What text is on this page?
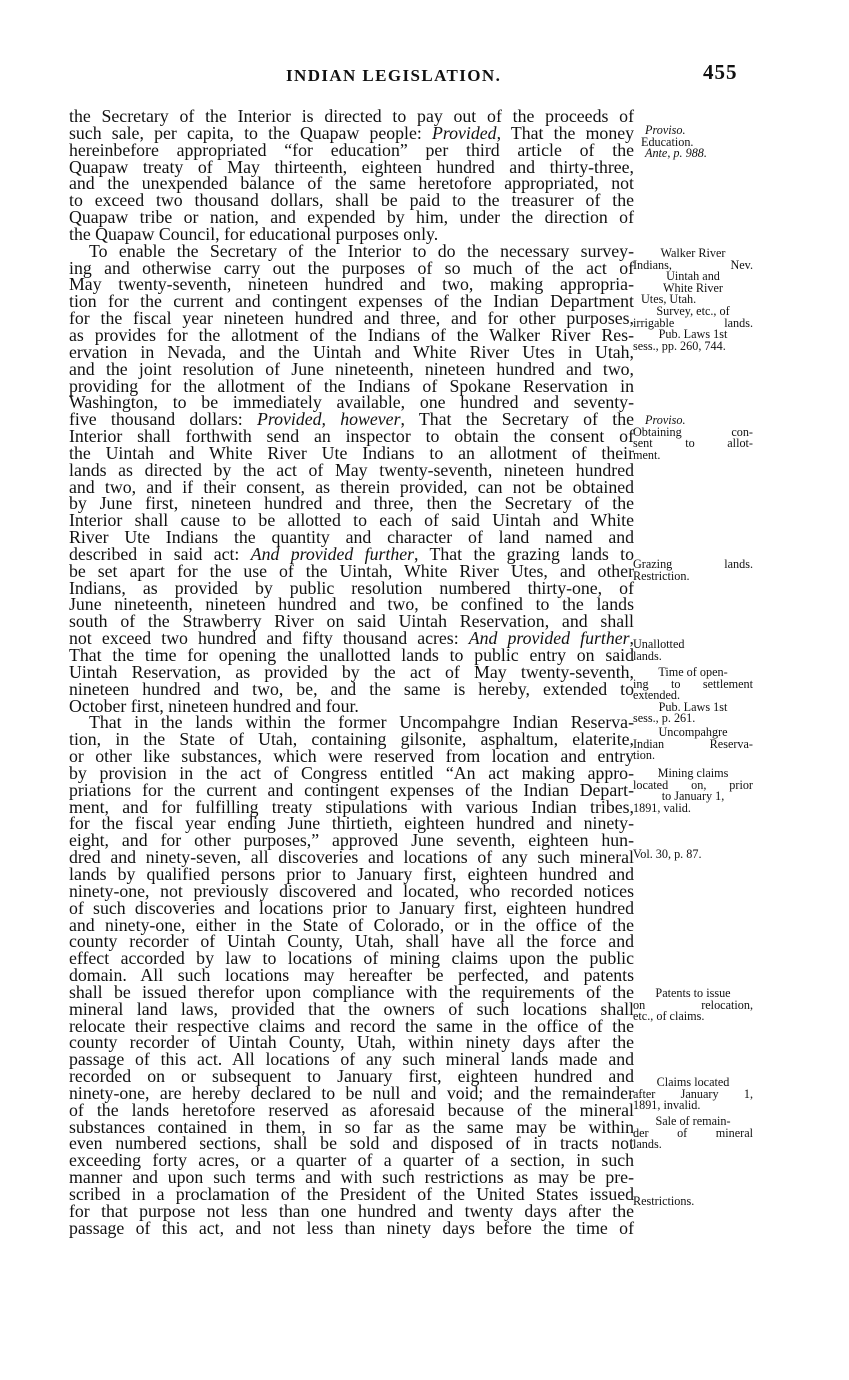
INDIAN LEGISLATION.	455
the Secretary of the Interior is directed to pay out of the proceeds of
such sale, per capita, to the Quapaw people: Provided, That the money
hereinbefore appropriated “for education” per third article of the
Quapaw treaty of May thirteenth, eighteen hundred and thirty-three,
and the unexpended balance of the same heretofore appropriated, not
to exceed two thousand dollars, shall be paid to the treasurer of the
Quapaw tribe or nation, and expended by him, under the direction of
the Quapaw Council, for educational purposes only.
To enable the Secretary of the Interior to do the necessary survey-
ing and otherwise carry out the purposes of so much of the act of
May twenty-seventh, nineteen hundred and two, making appropria-
tion for the current and contingent expenses of the Indian Department
for the fiscal year nineteen hundred and three, and for other purposes,
as provides for the allotment of the Indians of the Walker River Res-
ervation in Nevada, and the Uintah and White River Utes in Utah,
and the joint resolution of June nineteenth, nineteen hundred and two,
providing for the allotment of the Indians of Spokane Reservation in
Washington, to be immediately available, one hundred and seventy-
five thousand dollars: Provided, however, That the Secretary of the
Interior shall forthwith send an inspector to obtain the consent of
the Uintah and White River Ute Indians to an allotment of their
lands as directed by the act of May twenty-seventh, nineteen hundred
and two, and if their consent, as therein provided, can not be obtained
by June first, nineteen hundred and three, then the Secretary of the
Interior shall cause to be allotted to each of said Uintah and White
River Ute Indians the quantity and character of land named and
described in said act: And provided further, That the grazing lands to
be set apart for the use of the Uintah, White River Utes, and other
Indians, as provided by public resolution numbered thirty-one, of
June nineteenth, nineteen hundred and two, be confined to the lands
south of the Strawberry River on said Uintah Reservation, and shall
not exceed two hundred and fifty thousand acres: And provided further,
That the time for opening the unallotted lands to public entry on said
Uintah Reservation, as provided by the act of May twenty-seventh,
nineteen hundred and two, be, and the same is hereby, extended to
October first, nineteen hundred and four.
That in the lands within the former Uncompahgre Indian Reserva-
tion, in the State of Utah, containing gilsonite, asphaltum, elaterite,
or other like substances, which were reserved from location and entry
by provision in the act of Congress entitled “An act making appro-
priations for the current and contingent expenses of the Indian Depart-
ment, and for fulfilling treaty stipulations with various Indian tribes,
for the fiscal year ending June thirtieth, eighteen hundred and ninety-
eight, and for other purposes,” approved June seventh, eighteen hun-
dred and ninety-seven, all discoveries and locations of any such mineral
lands by qualified persons prior to January first, eighteen hundred and
ninety-one, not previously discovered and located, who recorded notices
of such discoveries and locations prior to January first, eighteen hundred
and ninety-one, either in the State of Colorado, or in the office of the
county recorder of Uintah County, Utah, shall have all the force and
effect accorded by law to locations of mining claims upon the public
domain. All such locations may hereafter be perfected, and patents
shall be issued therefor upon compliance with the requirements of the
mineral land laws, provided that the owners of such locations shall
relocate their respective claims and record the same in the office of the
county recorder of Uintah County, Utah, within ninety days after the
passage of this act. All locations of any such mineral lands made and
recorded on or subsequent to January first, eighteen hundred and
ninety-one, are hereby declared to be null and void; and the remainder
of the lands heretofore reserved as aforesaid because of the mineral
substances contained in them, in so far as the same may be within
even numbered sections, shall be sold and disposed of in tracts not
exceeding forty acres, or a quarter of a quarter of a section, in such
manner and upon such terms and with such restrictions as may be pre-
scribed in a proclamation of the President of the United States issued
for that purpose not less than one hundred and twenty days after the
passage of this act, and not less than ninety days before the time of
Proviso.
Education.
Ante, p. 988.
Walker River
Indians, Nev.
Uintah and
White River
Utes, Utah.
Survey, etc., of
irrigable lands.
Pub. Laws 1st
sess., pp. 260, 744.
Proviso.
Obtaining con-
sent to allot-
ment.
Grazing lands.
Restriction.
Unallotted
lands.
Time of open-
ing to settlement
extended.
Pub. Laws 1st
sess., p. 261.
Uncompahgre
Indian Reserva-
tion.
Mining claims
located on, prior
to January 1,
1891, valid.
Vol. 30, p. 87.
Patents to issue
on relocation,
etc., of claims.
Claims located
after January 1,
1891, invalid.
Sale of remain-
der of mineral
lands.
Restrictions.
